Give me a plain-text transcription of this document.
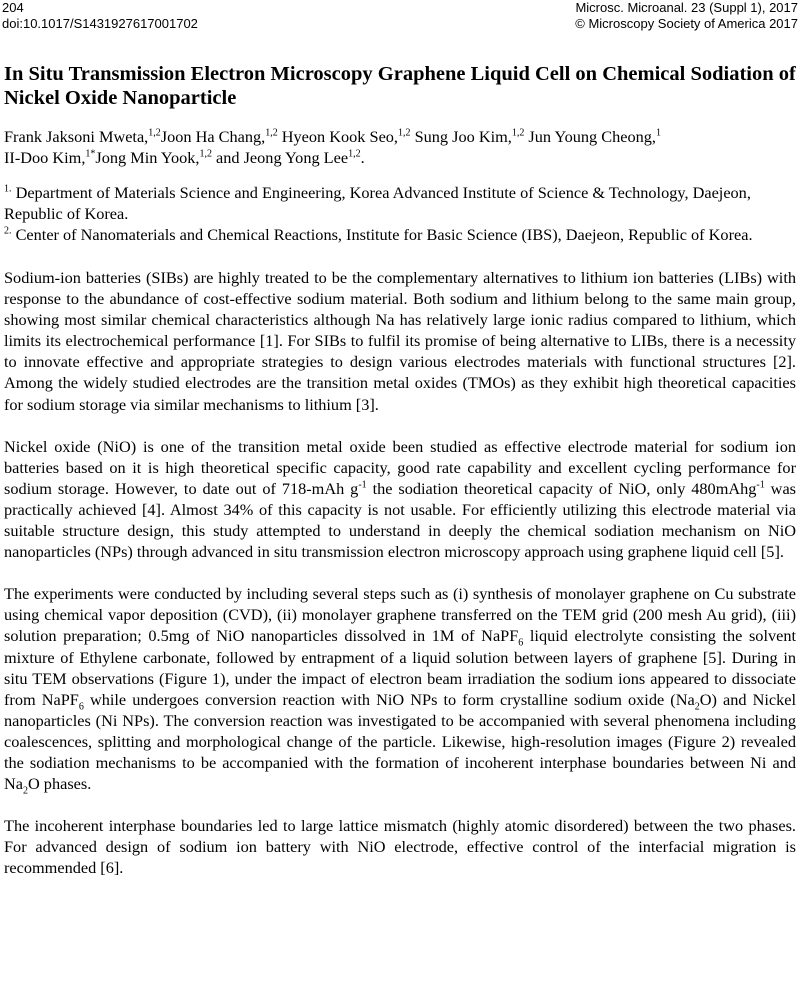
204
doi:10.1017/S1431927617001702
Microsc. Microanal. 23 (Suppl 1), 2017
© Microscopy Society of America 2017
In Situ Transmission Electron Microscopy Graphene Liquid Cell on Chemical Sodiation of Nickel Oxide Nanoparticle

Frank Jaksoni Mweta,$^{1,2}$Joon Ha Chang,$^{1,2}$ Hyeon Kook Seo,$^{1,2}$ Sung Joo Kim,$^{1,2}$ Jun Young Cheong,$^1$
II-Doo Kim,$^{1*}$Jong Min Yook,$^{1,2}$ and Jeong Yong Lee$^{1,2}$.

$^{1.}$ Department of Materials Science and Engineering, Korea Advanced Institute of Science & Technology, Daejeon, Republic of Korea.

$^{2.}$ Center of Nanomaterials and Chemical Reactions, Institute for Basic Science (IBS), Daejeon, Republic of Korea.

Sodium-ion batteries (SIBs) are highly treated to be the complementary alternatives to lithium ion batteries (LIBs) with response to the abundance of cost-effective sodium material. Both sodium and lithium belong to the same main group, showing most similar chemical characteristics although Na has relatively large ionic radius compared to lithium, which limits its electrochemical performance [1]. For SIBs to fulfil its promise of being alternative to LIBs, there is a necessity to innovate effective and appropriate strategies to design various electrodes materials with functional structures [2]. Among the widely studied electrodes are the transition metal oxides (TMOs) as they exhibit high theoretical capacities for sodium storage via similar mechanisms to lithium [3].

Nickel oxide (NiO) is one of the transition metal oxide been studied as effective electrode material for sodium ion batteries based on it is high theoretical specific capacity, good rate capability and excellent cycling performance for sodium storage. However, to date out of 718-mAh $g^{-1}$ the sodiation theoretical capacity of NiO, only 480mAhg$^{-1}$ was practically achieved [4]. Almost 34% of this capacity is not usable. For efficiently utilizing this electrode material via suitable structure design, this study attempted to understand in deeply the chemical sodiation mechanism on NiO nanoparticles (NPs) through advanced in situ transmission electron microscopy approach using graphene liquid cell [5].

The experiments were conducted by including several steps such as (i) synthesis of monolayer graphene on Cu substrate using chemical vapor deposition (CVD), (ii) monolayer graphene transferred on the TEM grid (200 mesh Au grid), (iii) solution preparation; 0.5mg of NiO nanoparticles dissolved in 1M of NaPF$_6$ liquid electrolyte consisting the solvent mixture of Ethylene carbonate, followed by entrapment of a liquid solution between layers of graphene [5]. During in situ TEM observations (Figure 1), under the impact of electron beam irradiation the sodium ions appeared to dissociate from NaPF$_6$ while undergoes conversion reaction with NiO NPs to form crystalline sodium oxide $(Na_2O)$ and Nickel nanoparticles (Ni NPs). The conversion reaction was investigated to be accompanied with several phenomena including coalescences, splitting and morphological change of the particle. Likewise, high-resolution images (Figure 2) revealed the sodiation mechanisms to be accompanied with the formation of incoherent interphase boundaries between Ni and $Na_2O$ phases.

The incoherent interphase boundaries led to large lattice mismatch (highly atomic disordered) between the two phases. For advanced design of sodium ion battery with NiO electrode, effective control of the interfacial migration is recommended [6].
